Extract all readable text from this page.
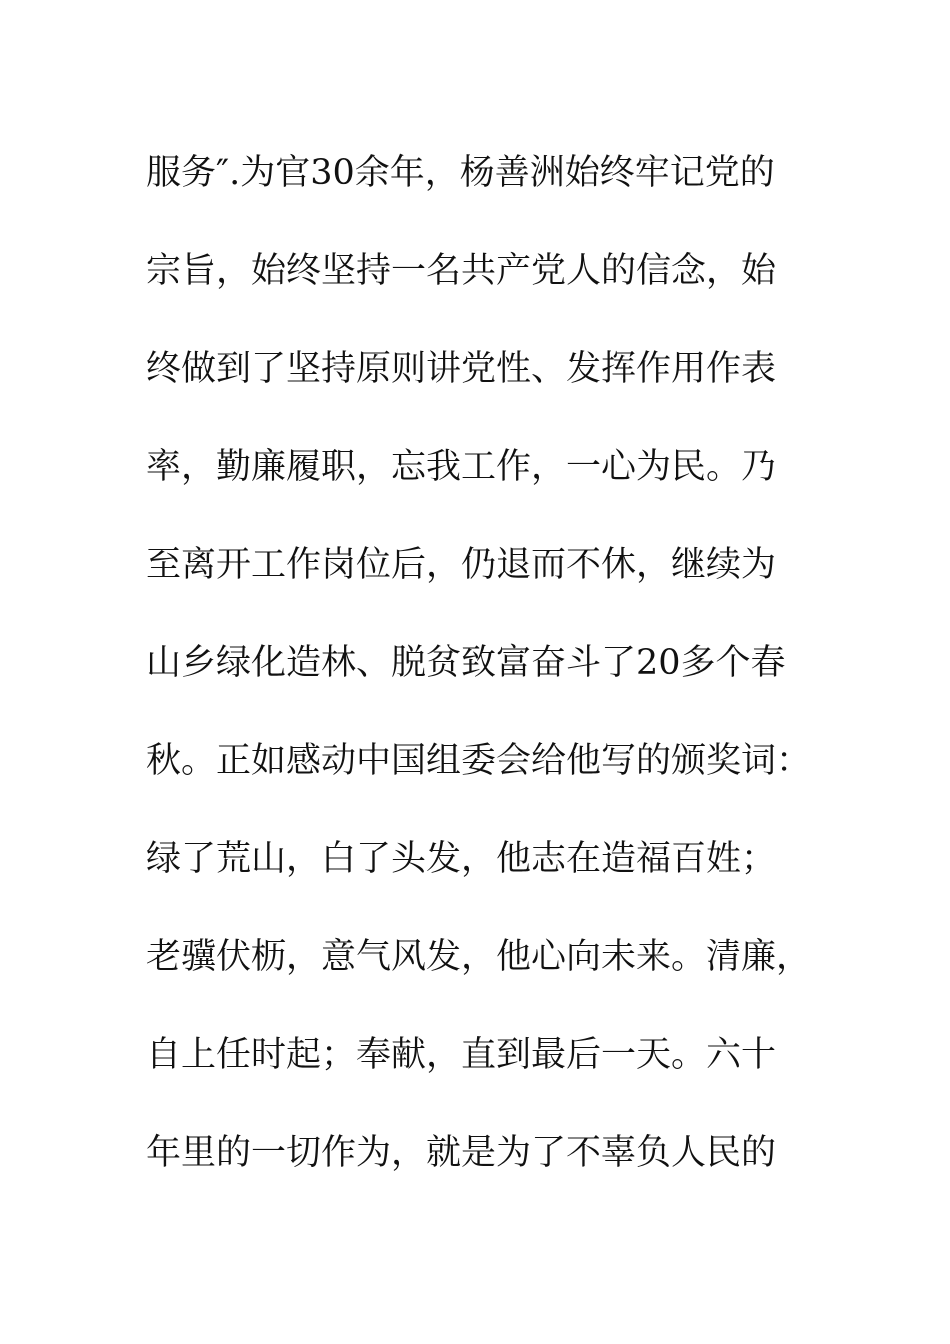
服务″.为官30余年，杨善洲始终牢记党的
宗旨，始终坚持一名共产党人的信念，始
终做到了坚持原则讲党性、发挥作用作表
率，勤廉履职，忘我工作，一心为民。乃
至离开工作岗位后，仍退而不休，继续为
山乡绿化造林、脱贫致富奋斗了20多个春
秋。正如感动中国组委会给他写的颁奖词：
绿了荒山，白了头发，他志在造福百姓；
老骥伏枥，意气风发，他心向未来。清廉，
自上任时起；奉献，直到最后一天。六十
年里的一切作为，就是为了不辜负人民的
